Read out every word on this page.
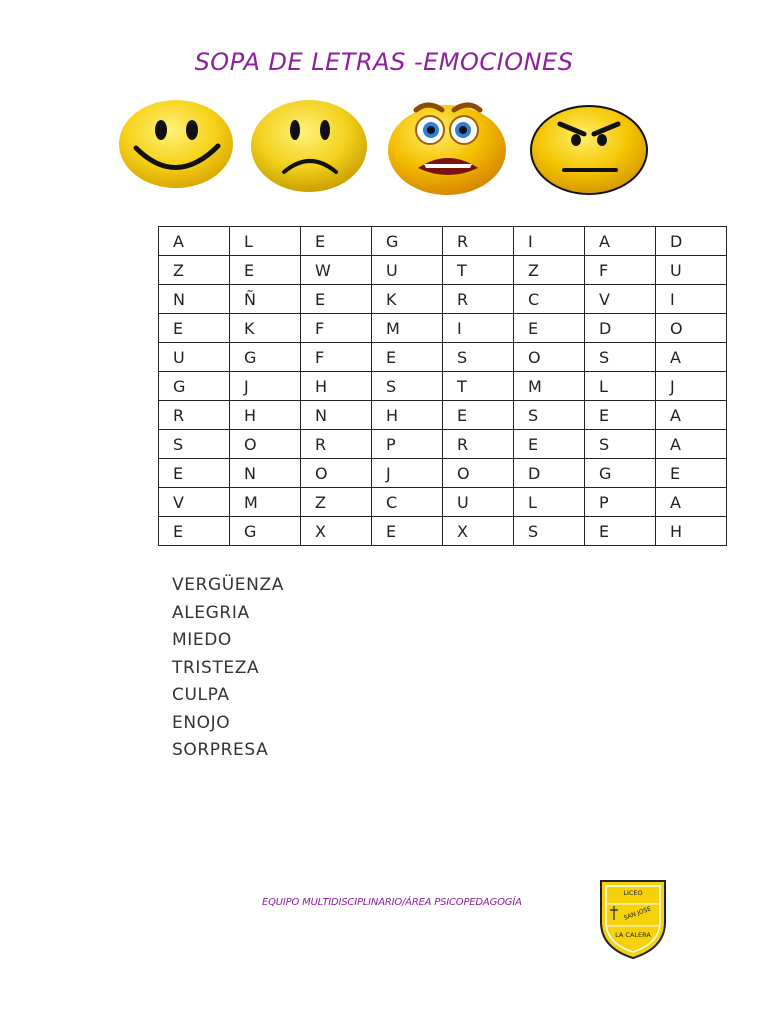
SOPA DE LETRAS -EMOCIONES
A	L	E	G	R	I	A	D
Z	E	W	U	T	Z	F	U
N	Ñ	E	K	R	C	V	I
E	K	F	M	I	E	D	O
U	G	F	E	S	O	S	A
G	J	H	S	T	M	L	J
R	H	N	H	E	S	E	A
S	O	R	P	R	E	S	A
E	N	O	J	O	D	G	E
V	M	Z	C	U	L	P	A
E	G	X	E	X	S	E	H
VERGÜENZA
ALEGRIA
MIEDO
TRISTEZA
CULPA
ENOJO
SORPRESA
EQUIPO MULTIDISCIPLINARIO/ÁREA PSICOPEDAGOGÍA
LICEO
SAN JOSE
LA CALERA
